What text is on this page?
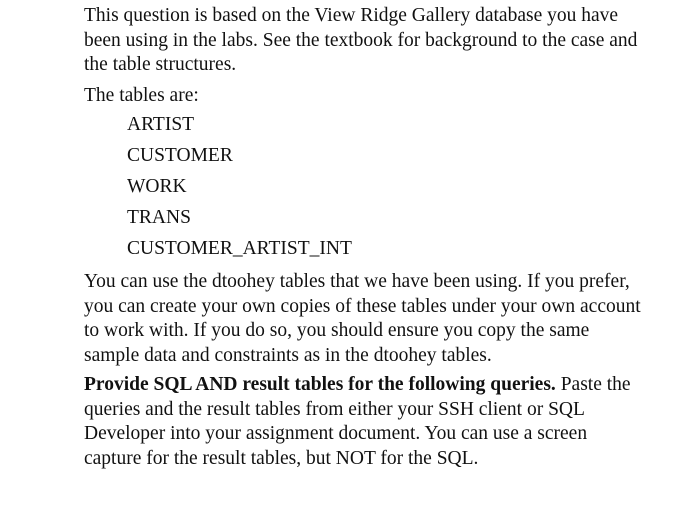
This question is based on the View Ridge Gallery database you have been using in the labs. See the textbook for background to the case and the table structures.

The tables are:

ARTIST
CUSTOMER
WORK
TRANS
CUSTOMER_ARTIST_INT

You can use the dtoohey tables that we have been using. If you prefer, you can create your own copies of these tables under your own account to work with. If you do so, you should ensure you copy the same sample data and constraints as in the dtoohey tables.

Provide SQL AND result tables for the following queries. Paste the queries and the result tables from either your SSH client or SQL Developer into your assignment document. You can use a screen capture for the result tables, but NOT for the SQL.
